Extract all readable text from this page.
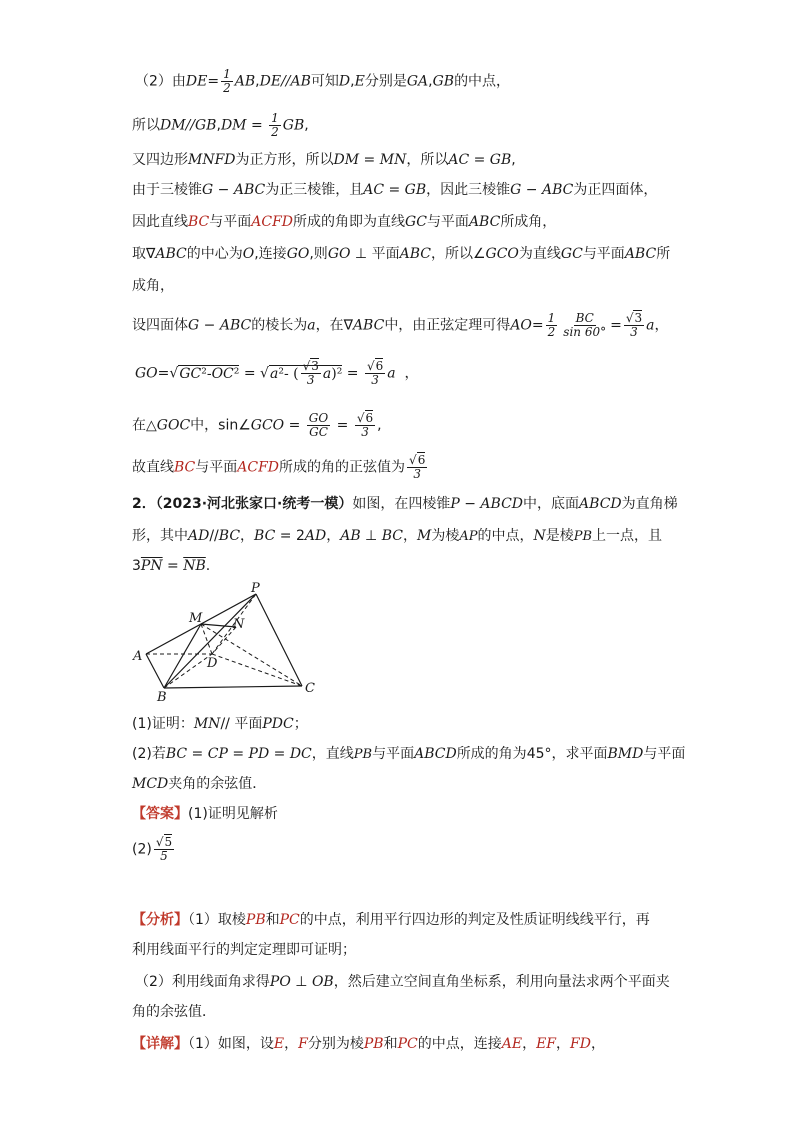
（2）由$DE= \frac{1}{2} AB,DE//AB$可知D,E分别是GA,GB的中点，
所以$DM//GB,DM = \frac{1}{2}$ GB,
又四边形MNFD为正方形，所以DM = MN，所以AC = GB,
由于三棱锥G − ABC为正三棱锥，且AC = GB，因此三棱锥G − ABC为正四面体，
因此直线BC与平面ACFD所成的角即为直线GC与平面ABC所成角，
取∇ABC的中心为O,连接GO,则GO ⊥ 平面ABC，所以∠GCO为直线GC与平面ABC所
成角，
设四面体G − ABC的棱长为a，在∇ABC中，由正弦定理可得$AO= \frac{1}{2} \frac{BC}{\sin 60^\circ} = \frac{√3}{3}$ a，
GO=√GC²-OC² = √a²- ( $\frac{√3}{3} a)^2 = \frac{√6}{3}$ a  ，
在△GOC中，sin∠GCO = $\frac{GO}{GC} = \frac{√6}{3}$ ,
故直线BC与平面ACFD所成的角的正弦值为 $\frac{√6}{3}$
2．（2023·河北张家口·统考一模）如图，在四棱锥P − ABCD中，底面ABCD为直角梯
形，其中AD//BC，BC = 2AD，AB ⊥ BC，M为棱AP的中点，N是棱PB上一点，且
$3\overline{PN} = \overline{NB}$.
P
M N
A	D
B
C
(1)证明：MN// 平面PDC；
(2)若BC = CP = PD = DC，直线PB与平面ABCD所成的角为45°，求平面BMD与平面
MCD夹角的余弦值．
【答案】(1)证明见解析
$(2) \frac{√5}{5}$
【分析】（1）取棱PB和PC的中点，利用平行四边形的判定及性质证明线线平行，再
利用线面平行的判定定理即可证明；
（2）利用线面角求得PO ⊥ OB，然后建立空间直角坐标系，利用向量法求两个平面夹
角的余弦值．
【详解】（1）如图，设E，F分别为棱PB和PC的中点，连接AE，EF，FD，
